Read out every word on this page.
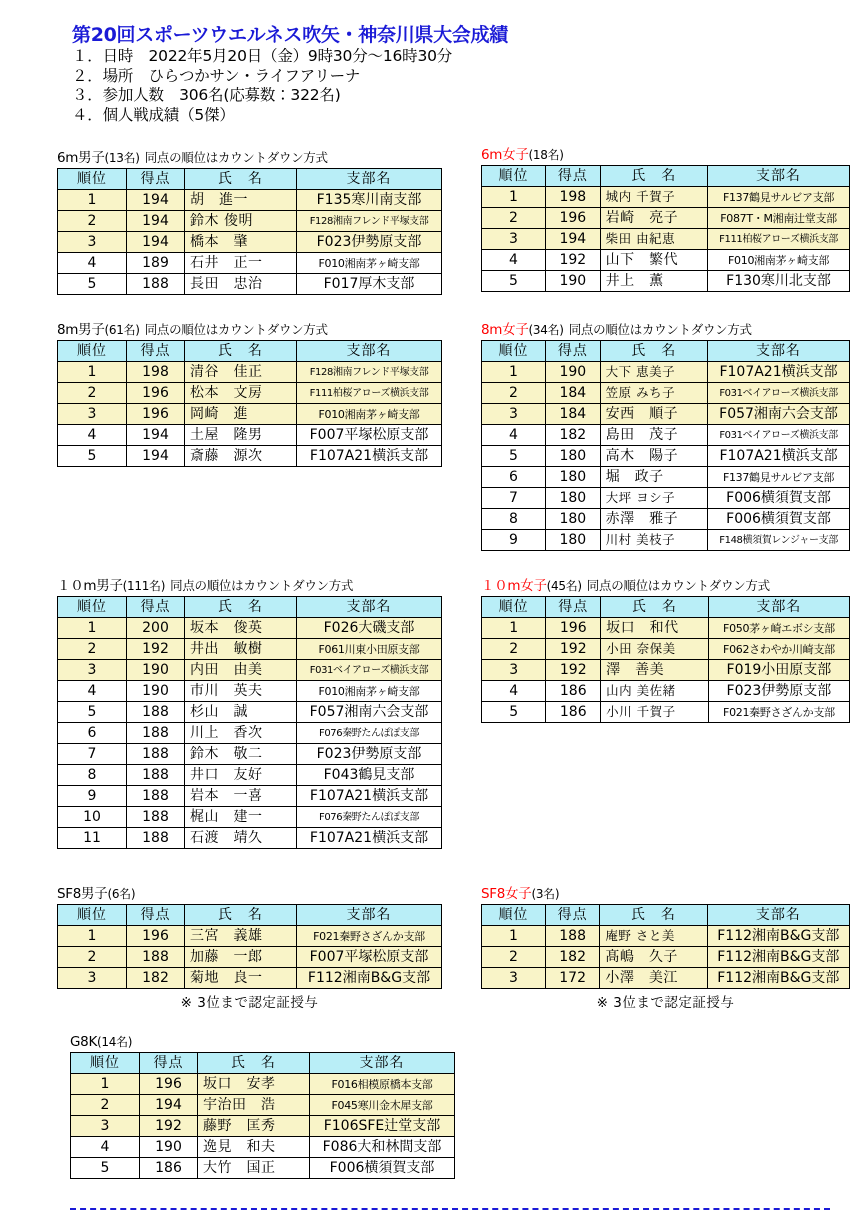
第20回スポーツウエルネス吹矢・神奈川県大会成績
１．日時　2022年5月20日（金）9時30分〜16時30分
２．場所　ひらつかサン・ライフアリーナ
３．参加人数　306名(応募数：322名)
４．個人戦成績（5傑）
6m男子(13名) 同点の順位はカウントダウン方式
順位	得点	氏　名	支部名
1	194	胡　進一	F135寒川南支部
2	194	鈴木 俊明	F128湘南フレンド平塚支部
3	194	橋本　肇	F023伊勢原支部
4	189	石井　正一	F010湘南茅ヶ崎支部
5	188	長田　忠治	F017厚木支部
6m女子(18名)
順位	得点	氏　名	支部名
1	198	城内 千賀子	F137鶴見サルビア支部
2	196	岩崎　亮子	F087T・M湘南辻堂支部
3	194	柴田 由紀恵	F111柏桜アローズ横浜支部
4	192	山下　繁代	F010湘南茅ヶ崎支部
5	190	井上　薫	F130寒川北支部
8m男子(61名) 同点の順位はカウントダウン方式
順位	得点	氏　名	支部名
1	198	清谷　佳正	F128湘南フレンド平塚支部
2	196	松本　文房	F111柏桜アローズ横浜支部
3	196	岡崎　進	F010湘南茅ヶ崎支部
4	194	土屋　隆男	F007平塚松原支部
5	194	斎藤　源次	F107A21横浜支部
8m女子(34名) 同点の順位はカウントダウン方式
順位	得点	氏　名	支部名
1	190	大下 恵美子	F107A21横浜支部
2	184	笠原 みち子	F031ベイアローズ横浜支部
3	184	安西　順子	F057湘南六会支部
4	182	島田　茂子	F031ベイアローズ横浜支部
5	180	高木　陽子	F107A21横浜支部
6	180	堀　政子	F137鶴見サルビア支部
7	180	大坪 ヨシ子	F006横須賀支部
8	180	赤澤　雅子	F006横須賀支部
9	180	川村 美枝子	F148横須賀レンジャー支部
１０m男子(111名) 同点の順位はカウントダウン方式
順位	得点	氏　名	支部名
1	200	坂本　俊英	F026大磯支部
2	192	井出　敏樹	F061川東小田原支部
3	190	内田　由美	F031ベイアローズ横浜支部
4	190	市川　英夫	F010湘南茅ヶ崎支部
5	188	杉山　誠	F057湘南六会支部
6	188	川上　香次	F076秦野たんぽぽ支部
7	188	鈴木　敬二	F023伊勢原支部
8	188	井口　友好	F043鶴見支部
9	188	岩本　一喜	F107A21横浜支部
10	188	梶山　建一	F076秦野たんぽぽ支部
11	188	石渡　靖久	F107A21横浜支部
１０m女子(45名) 同点の順位はカウントダウン方式
順位	得点	氏　名	支部名
1	196	坂口　和代	F050茅ヶ崎エボシ支部
2	192	小田 奈保美	F062さわやか川崎支部
3	192	澤　善美	F019小田原支部
4	186	山内 美佐緒	F023伊勢原支部
5	186	小川 千賀子	F021秦野さざんか支部
SF8男子(6名)
順位	得点	氏　名	支部名
1	196	三宮　義雄	F021秦野さざんか支部
2	188	加藤　一郎	F007平塚松原支部
3	182	菊地　良一	F112湘南B&G支部
※ 3位まで認定証授与
SF8女子(3名)
順位	得点	氏　名	支部名
1	188	庵野 さと美	F112湘南B&G支部
2	182	髙嶋　久子	F112湘南B&G支部
3	172	小澤　美江	F112湘南B&G支部
※ 3位まで認定証授与
G8K(14名)
順位	得点	氏　名	支部名
1	196	坂口　安孝	F016相模原橋本支部
2	194	宇治田　浩	F045寒川金木犀支部
3	192	藤野　匡秀	F106SFE辻堂支部
4	190	逸見　和夫	F086大和林間支部
5	186	大竹　国正	F006横須賀支部
